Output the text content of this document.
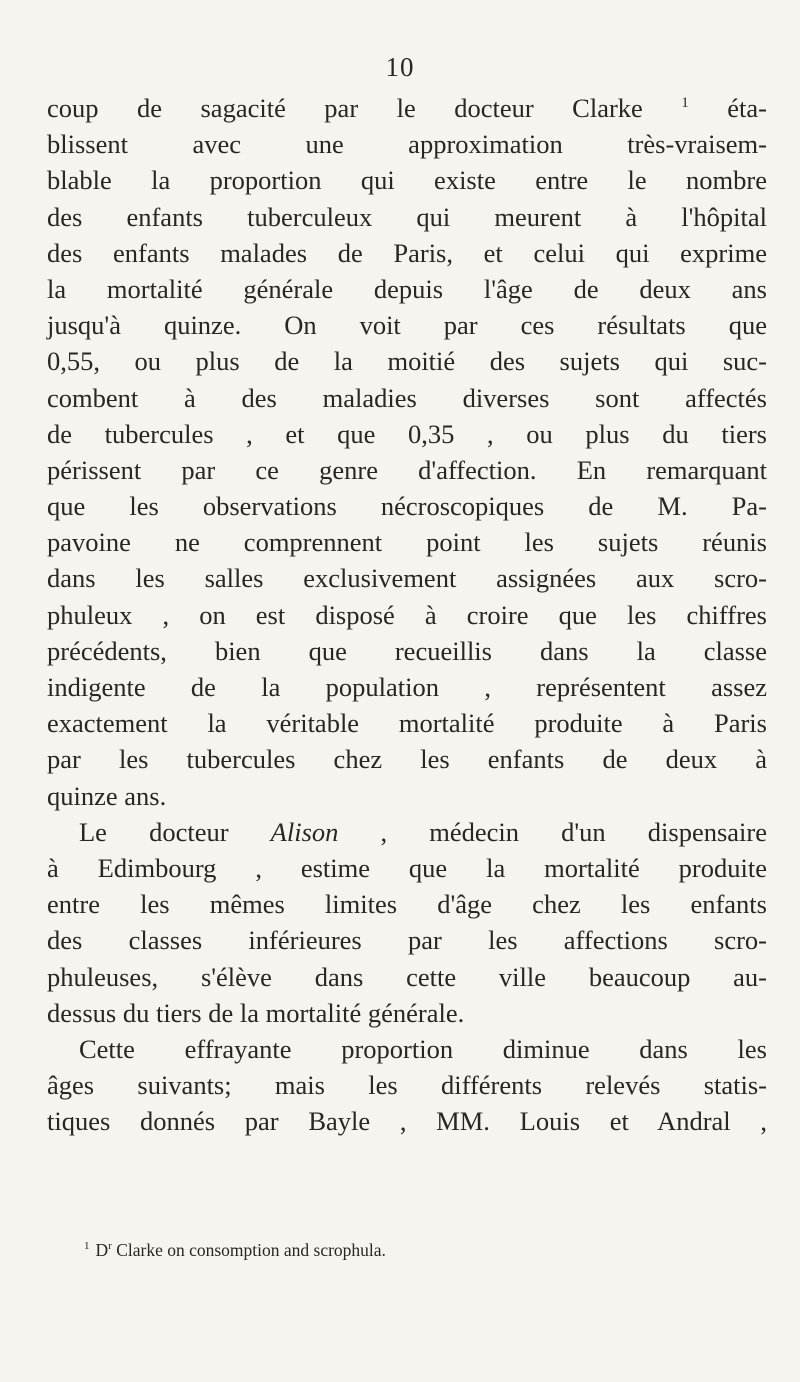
10
coup de sagacité par le docteur Clarke $^1$ éta-
blissent avec une approximation très-vraisem-
blable la proportion qui existe entre le nombre
des enfants tuberculeux qui meurent à l'hôpital
des enfants malades de Paris, et celui qui exprime
la mortalité générale depuis l'âge de deux ans
jusqu'à quinze. On voit par ces résultats que
0,55, ou plus de la moitié des sujets qui suc-
combent à des maladies diverses sont affectés
de tubercules , et que 0,35 , ou plus du tiers
périssent par ce genre d'affection. En remarquant
que les observations nécroscopiques de M. Pa-
pavoine ne comprennent point les sujets réunis
dans les salles exclusivement assignées aux scro-
phuleux , on est disposé à croire que les chiffres
précédents, bien que recueillis dans la classe
indigente de la population , représentent assez
exactement la véritable mortalité produite à Paris
par les tubercules chez les enfants de deux à
quinze ans.
Le docteur Alison , médecin d'un dispensaire
à Edimbourg , estime que la mortalité produite
entre les mêmes limites d'âge chez les enfants
des classes inférieures par les affections scro-
phuleuses, s'élève dans cette ville beaucoup au-
dessus du tiers de la mortalité générale.
Cette effrayante proportion diminue dans les
âges suivants; mais les différents relevés statis-
tiques donnés par Bayle , MM. Louis et Andral ,
$^1$ D$^r$ Clarke on consomption and scrophula.
